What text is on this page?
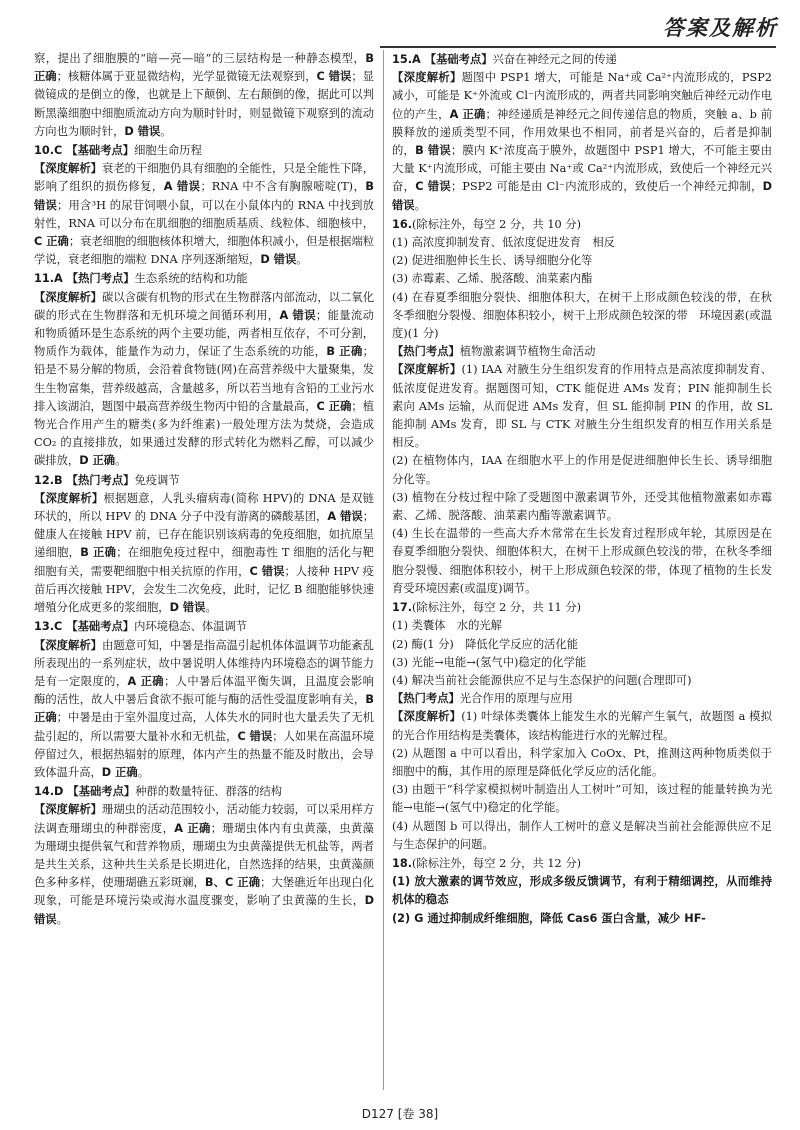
答案及解析

察，提出了细胞膜的“暗—亮—暗”的三层结构是一种静态模型，B 正确；核糖体属于亚显微结构，光学显微镜无法观察到，C 错误；显微镜成的是倒立的像，也就是上下颠倒、左右颠倒的像，据此可以判断黑藻细胞中细胞质流动方向为顺时针时，则显微镜下观察到的流动方向也为顺时针，D 错误。

10.C 【基础考点】细胞生命历程

【深度解析】衰老的干细胞仍具有细胞的全能性，只是全能性下降，影响了组织的损伤修复，A 错误；RNA 中不含有胸腺嘧啶(T)，B 错误；用含³H 的尿苷饲喂小鼠，可以在小鼠体内的 RNA 中找到放射性，RNA 可以分布在肌细胞的细胞质基质、线粒体、细胞核中，C 正确；衰老细胞的细胞核体积增大，细胞体积减小，但是根据端粒学说，衰老细胞的端粒 DNA 序列逐渐缩短，D 错误。

11.A 【热门考点】生态系统的结构和功能

【深度解析】碳以含碳有机物的形式在生物群落内部流动，以二氧化碳的形式在生物群落和无机环境之间循环利用，A 错误；能量流动和物质循环是生态系统的两个主要功能，两者相互依存，不可分割，物质作为载体，能量作为动力，保证了生态系统的功能，B 正确；铅是不易分解的物质，会沿着食物链(网)在高营养级中大量聚集，发生生物富集，营养级越高，含量越多，所以若当地有含铅的工业污水排入该湖泊，题图中最高营养级生物丙中铅的含量最高，C 正确；植物光合作用产生的糖类(多为纤维素)一般处理方法为焚烧，会造成 CO₂ 的直接排放，如果通过发酵的形式转化为燃料乙醇，可以减少碳排放，D 正确。

12.B 【热门考点】免疫调节

【深度解析】根据题意，人乳头瘤病毒(简称 HPV)的 DNA 是双链环状的，所以 HPV 的 DNA 分子中没有游离的磷酸基团，A 错误；健康人在接触 HPV 前，已存在能识别该病毒的免疫细胞，如抗原呈递细胞，B 正确；在细胞免疫过程中，细胞毒性 T 细胞的活化与靶细胞有关，需要靶细胞中相关抗原的作用，C 错误；人接种 HPV 疫苗后再次接触 HPV，会发生二次免疫，此时，记忆 B 细胞能够快速增殖分化成更多的浆细胞，D 错误。

13.C 【基础考点】内环境稳态、体温调节

【深度解析】由题意可知，中暑是指高温引起机体体温调节功能紊乱所表现出的一系列症状，故中暑说明人体维持内环境稳态的调节能力是有一定限度的，A 正确；人中暑后体温平衡失调，且温度会影响酶的活性，故人中暑后食欲不振可能与酶的活性受温度影响有关，B 正确；中暑是由于室外温度过高，人体失水的同时也大量丢失了无机盐引起的，所以需要大量补水和无机盐，C 错误；人如果在高温环境停留过久，根据热辐射的原理，体内产生的热量不能及时散出，会导致体温升高，D 正确。

14.D 【基础考点】种群的数量特征、群落的结构

【深度解析】珊瑚虫的活动范围较小，活动能力较弱，可以采用样方法调查珊瑚虫的种群密度，A 正确；珊瑚虫体内有虫黄藻，虫黄藻为珊瑚虫提供氧气和营养物质，珊瑚虫为虫黄藻提供无机盐等，两者是共生关系，这种共生关系是长期进化，自然选择的结果，虫黄藻颜色多种多样，使珊瑚礁五彩斑斓，B、C 正确；大堡礁近年出现白化现象，可能是环境污染或海水温度骤变，影响了虫黄藻的生长，D 错误。

15.A 【基础考点】兴奋在神经元之间的传递

【深度解析】题图中 PSP1 增大，可能是 Na⁺或 Ca²⁺内流形成的，PSP2 减小，可能是 K⁺外流或 Cl⁻内流形成的，两者共同影响突触后神经元动作电位的产生，A 正确；神经递质是神经元之间传递信息的物质，突触 a、b 前膜释放的递质类型不同，作用效果也不相同，前者是兴奋的，后者是抑制的，B 错误；膜内 K⁺浓度高于膜外，故题图中 PSP1 增大，不可能主要由大量 K⁺内流形成，可能主要由 Na⁺或 Ca²⁺内流形成，致使后一个神经元兴奋，C 错误；PSP2 可能是由 Cl⁻内流形成的，致使后一个神经元抑制，D 错误。

16.(除标注外，每空 2 分，共 10 分)

(1) 高浓度抑制发育、低浓度促进发育　相反

(2) 促进细胞伸长生长、诱导细胞分化等

(3) 赤霉素、乙烯、脱落酸、油菜素内酯

(4) 在春夏季细胞分裂快、细胞体积大，在树干上形成颜色较浅的带，在秋冬季细胞分裂慢、细胞体积较小，树干上形成颜色较深的带　环境因素(或温度)(1 分)

【热门考点】植物激素调节植物生命活动

【深度解析】(1) IAA 对腋生分生组织发育的作用特点是高浓度抑制发育、低浓度促进发育。据题图可知，CTK 能促进 AMs 发育；PIN 能抑制生长素向 AMs 运输，从而促进 AMs 发育，但 SL 能抑制 PIN 的作用，故 SL 能抑制 AMs 发育，即 SL 与 CTK 对腋生分生组织发育的相互作用关系是相反。

(2) 在植物体内，IAA 在细胞水平上的作用是促进细胞伸长生长、诱导细胞分化等。

(3) 植物在分枝过程中除了受题图中激素调节外，还受其他植物激素如赤霉素、乙烯、脱落酸、油菜素内酯等激素调节。

(4) 生长在温带的一些高大乔木常常在生长发育过程形成年轮，其原因是在春夏季细胞分裂快、细胞体积大，在树干上形成颜色较浅的带，在秋冬季细胞分裂慢、细胞体积较小，树干上形成颜色较深的带，体现了植物的生长发育受环境因素(或温度)调节。

17.(除标注外，每空 2 分，共 11 分)

(1) 类囊体　水的光解

(2) 酶(1 分)　降低化学反应的活化能

(3) 光能→电能→(氢气中)稳定的化学能

(4) 解决当前社会能源供应不足与生态保护的问题(合理即可)

【热门考点】光合作用的原理与应用

【深度解析】(1) 叶绿体类囊体上能发生水的光解产生氧气，故题图 a 模拟的光合作用结构是类囊体，该结构能进行水的光解过程。

(2) 从题图 a 中可以看出，科学家加入 CoOx、Pt，推测这两种物质类似于细胞中的酶，其作用的原理是降低化学反应的活化能。

(3) 由题干“科学家模拟树叶制造出人工树叶”可知，该过程的能量转换为光能→电能→(氢气中)稳定的化学能。

(4) 从题图 b 可以得出，制作人工树叶的意义是解决当前社会能源供应不足与生态保护的问题。

18.(除标注外，每空 2 分，共 12 分)

(1) 放大激素的调节效应，形成多级反馈调节，有利于精细调控，从而维持机体的稳态

(2) G 通过抑制成纤维细胞，降低 Cas6 蛋白含量，减少 HF-

D127 [卷 38]
